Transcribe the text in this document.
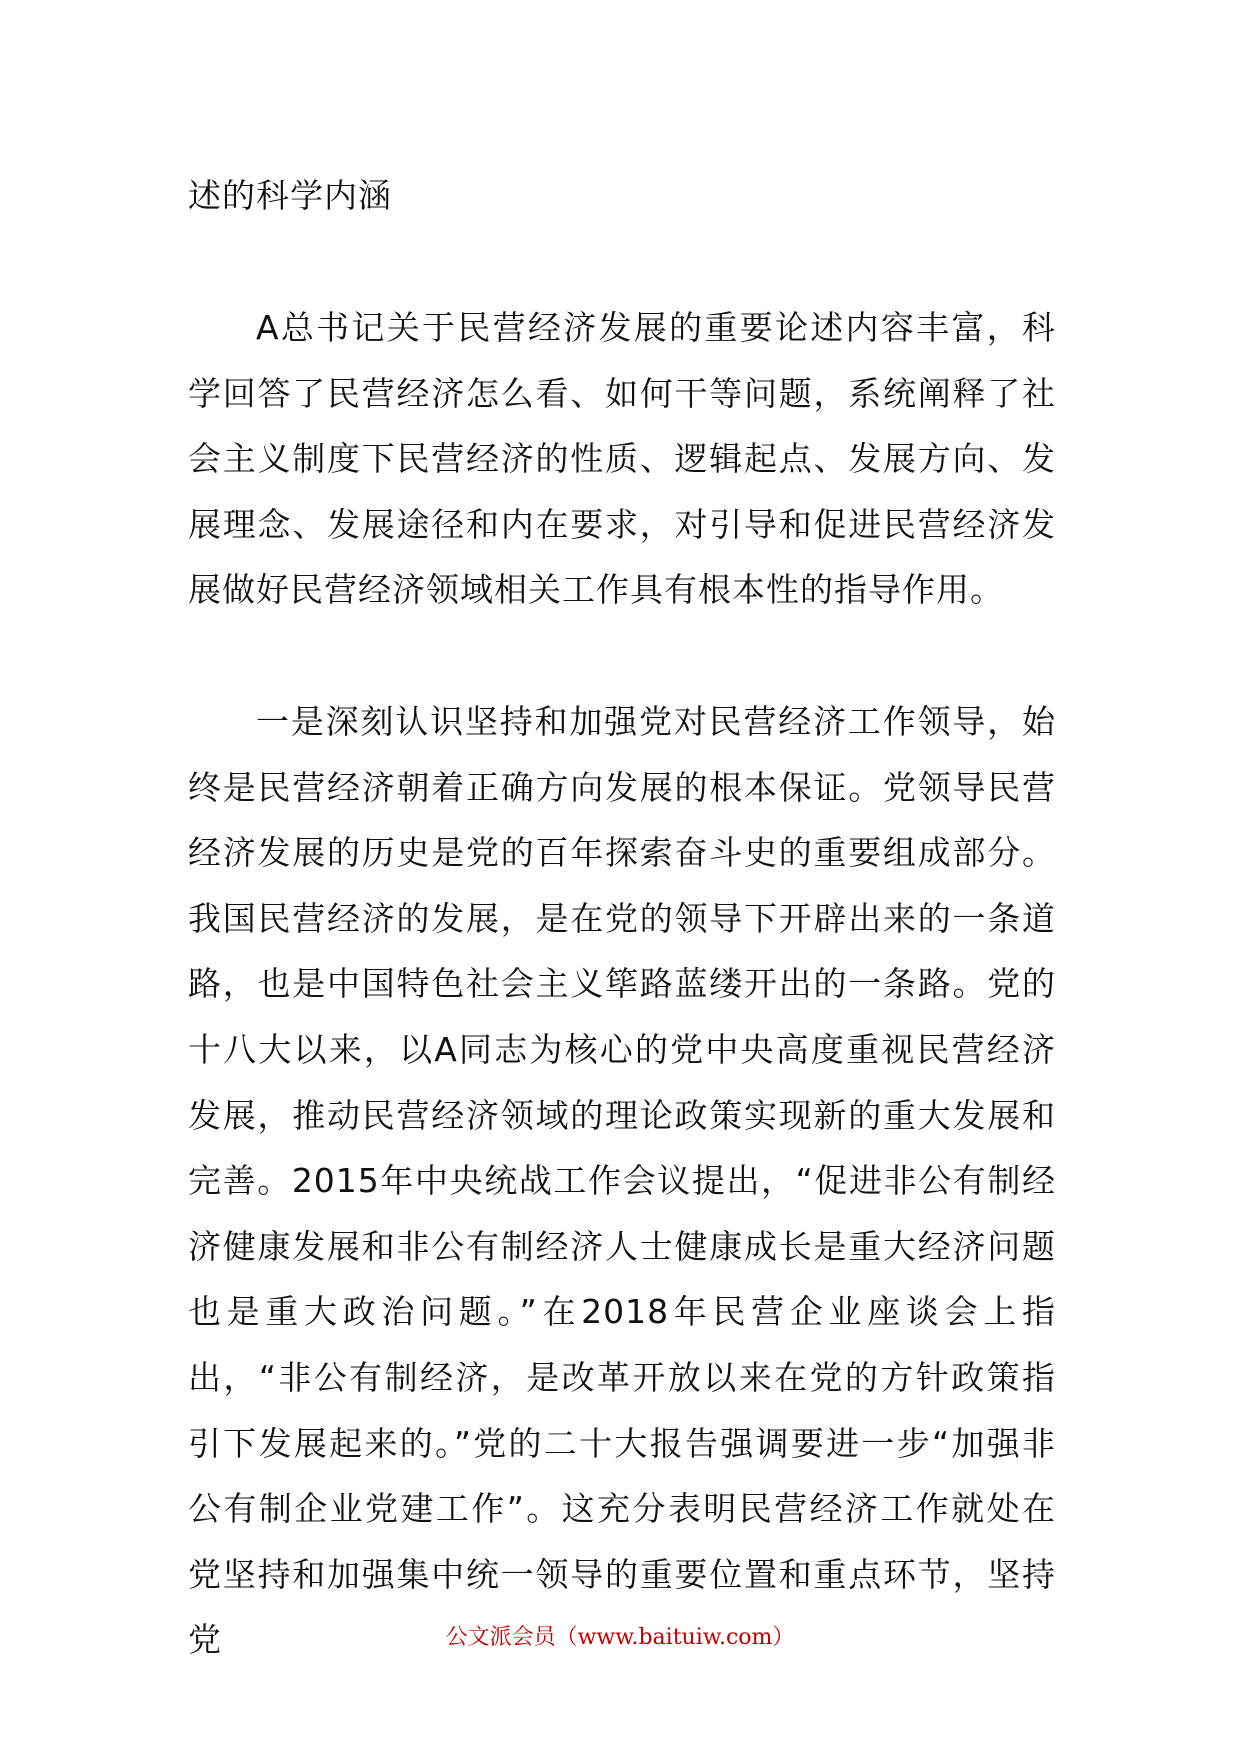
述的科学内涵

A总书记关于民营经济发展的重要论述内容丰富，科学回答了民营经济怎么看、如何干等问题，系统阐释了社会主义制度下民营经济的性质、逻辑起点、发展方向、发展理念、发展途径和内在要求，对引导和促进民营经济发展做好民营经济领域相关工作具有根本性的指导作用。

一是深刻认识坚持和加强党对民营经济工作领导，始终是民营经济朝着正确方向发展的根本保证。党领导民营经济发展的历史是党的百年探索奋斗史的重要组成部分。我国民营经济的发展，是在党的领导下开辟出来的一条道路，也是中国特色社会主义筚路蓝缕开出的一条路。党的十八大以来，以A同志为核心的党中央高度重视民营经济发展，推动民营经济领域的理论政策实现新的重大发展和完善。2015年中央统战工作会议提出，“促进非公有制经济健康发展和非公有制经济人士健康成长是重大经济问题也是重大政治问题。”在2018年民营企业座谈会上指出，“非公有制经济，是改革开放以来在党的方针政策指引下发展起来的。”党的二十大报告强调要进一步“加强非公有制企业党建工作”。这充分表明民营经济工作就处在党坚持和加强集中统一领导的重要位置和重点环节，坚持党	公文派会员（www.baituiw.com）
